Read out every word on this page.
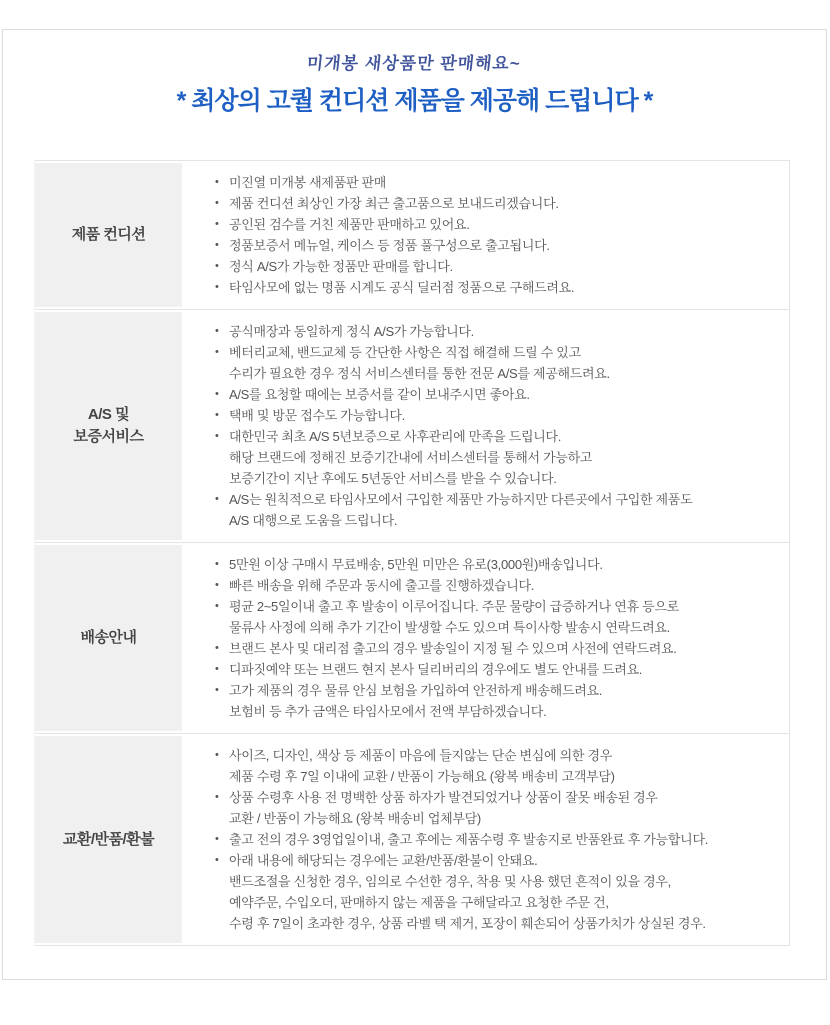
미개봉 새상품만 판매해요~
* 최상의 고퀄 컨디션 제품을 제공해 드립니다 *
제품 컨디션
• 미진열 미개봉 새제품판 판매
• 제품 컨디션 최상인 가장 최근 출고품으로 보내드리겠습니다.
• 공인된 검수를 거친 제품만 판매하고 있어요.
• 정품보증서 메뉴얼, 케이스 등 정품 풀구성으로 출고됩니다.
• 정식 A/S가 가능한 정품만 판매를 합니다.
• 타임사모에 없는 명품 시계도 공식 딜러점 정품으로 구해드려요.
A/S 및
보증서비스
• 공식매장과 동일하게 정식 A/S가 가능합니다.
• 베터리교체, 밴드교체 등 간단한 사항은 직접 해결해 드릴 수 있고
수리가 필요한 경우 정식 서비스센터를 통한 전문 A/S를 제공해드려요.
• A/S를 요청할 때에는 보증서를 같이 보내주시면 좋아요.
• 택배 및 방문 접수도 가능합니다.
• 대한민국 최초 A/S 5년보증으로 사후관리에 만족을 드립니다.
해당 브랜드에 정해진 보증기간내에 서비스센터를 통해서 가능하고
보증기간이 지난 후에도 5년동안 서비스를 받을 수 있습니다.
• A/S는 원칙적으로 타임사모에서 구입한 제품만 가능하지만 다른곳에서 구입한 제품도
A/S 대행으로 도움을 드립니다.
배송안내
• 5만원 이상 구매시 무료배송, 5만원 미만은 유로(3,000원)배송입니다.
• 빠른 배송을 위해 주문과 동시에 출고를 진행하겠습니다.
• 평균 2~5일이내 출고 후 발송이 이루어집니다. 주문 물량이 급증하거나 연휴 등으로
물류사 사정에 의해 추가 기간이 발생할 수도 있으며 특이사항 발송시 연락드려요.
• 브랜드 본사 및 대리점 출고의 경우 발송일이 지정 될 수 있으며 사전에 연락드려요.
• 디파짓예약 또는 브랜드 현지 본사 딜리버리의 경우에도 별도 안내를 드려요.
• 고가 제품의 경우 물류 안심 보험을 가입하여 안전하게 배송해드려요.
보험비 등 추가 금액은 타임사모에서 전액 부담하겠습니다.
교환/반품/환불
• 사이즈, 디자인, 색상 등 제품이 마음에 들지않는 단순 변심에 의한 경우
제품 수령 후 7일 이내에 교환 / 반품이 가능해요 (왕복 배송비 고객부담)
• 상품 수령후 사용 전 명백한 상품 하자가 발견되었거나 상품이 잘못 배송된 경우
교환 / 반품이 가능해요 (왕복 배송비 업체부담)
• 출고 전의 경우 3영업일이내, 출고 후에는 제품수령 후 발송지로 반품완료 후 가능합니다.
• 아래 내용에 해당되는 경우에는 교환/반품/환불이 안돼요.
밴드조절을 신청한 경우, 임의로 수선한 경우, 착용 및 사용 했던 흔적이 있을 경우,
예약주문, 수입오더, 판매하지 않는 제품을 구해달라고 요청한 주문 건,
수령 후 7일이 초과한 경우, 상품 라벨 택 제거, 포장이 훼손되어 상품가치가 상실된 경우.
